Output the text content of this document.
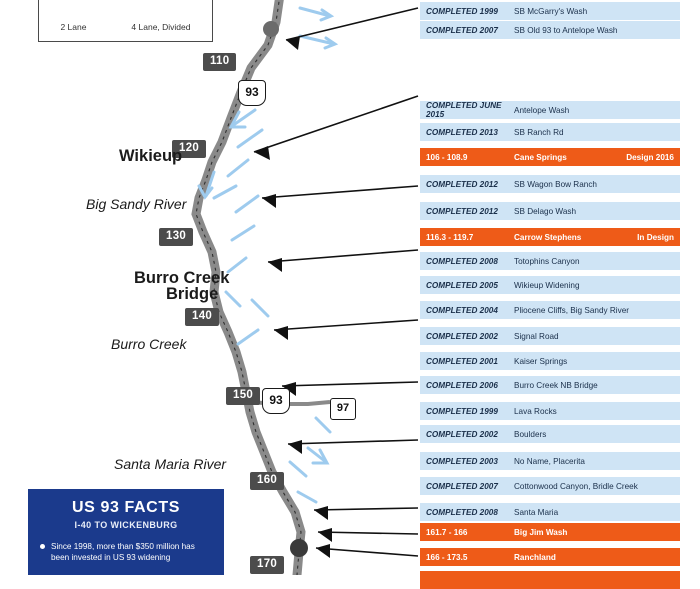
2 Lane	4 Lane, Divided
110
120
130
140
150
160
170
93
93
97
Wikieup
Burro Creek
Bridge
Big Sandy River
Burro Creek
Santa Maria River
US 93 FACTS
I-40 TO WICKENBURG
Since 1998, more than $350 million has been invested in US 93 widening
COMPLETED 1999	SB McGarry's Wash
COMPLETED 2007	SB Old 93 to Antelope Wash
COMPLETED JUNE 2015	Antelope Wash
COMPLETED 2013	SB Ranch Rd
106 - 108.9	Cane Springs	Design 2016
COMPLETED 2012	SB Wagon Bow Ranch
COMPLETED 2012	SB Delago Wash
116.3 - 119.7	Carrow Stephens	In Design
COMPLETED 2008	Totophins Canyon
COMPLETED 2005	Wikieup Widening
COMPLETED 2004	Pliocene Cliffs, Big Sandy River
COMPLETED 2002	Signal Road
COMPLETED 2001	Kaiser Springs
COMPLETED 2006	Burro Creek NB Bridge
COMPLETED 1999	Lava Rocks
COMPLETED 2002	Boulders
COMPLETED 2003	No Name, Placerita
COMPLETED 2007	Cottonwood Canyon, Bridle Creek
COMPLETED 2008	Santa Maria
161.7 - 166	Big Jim Wash
166 - 173.5	Ranchland
